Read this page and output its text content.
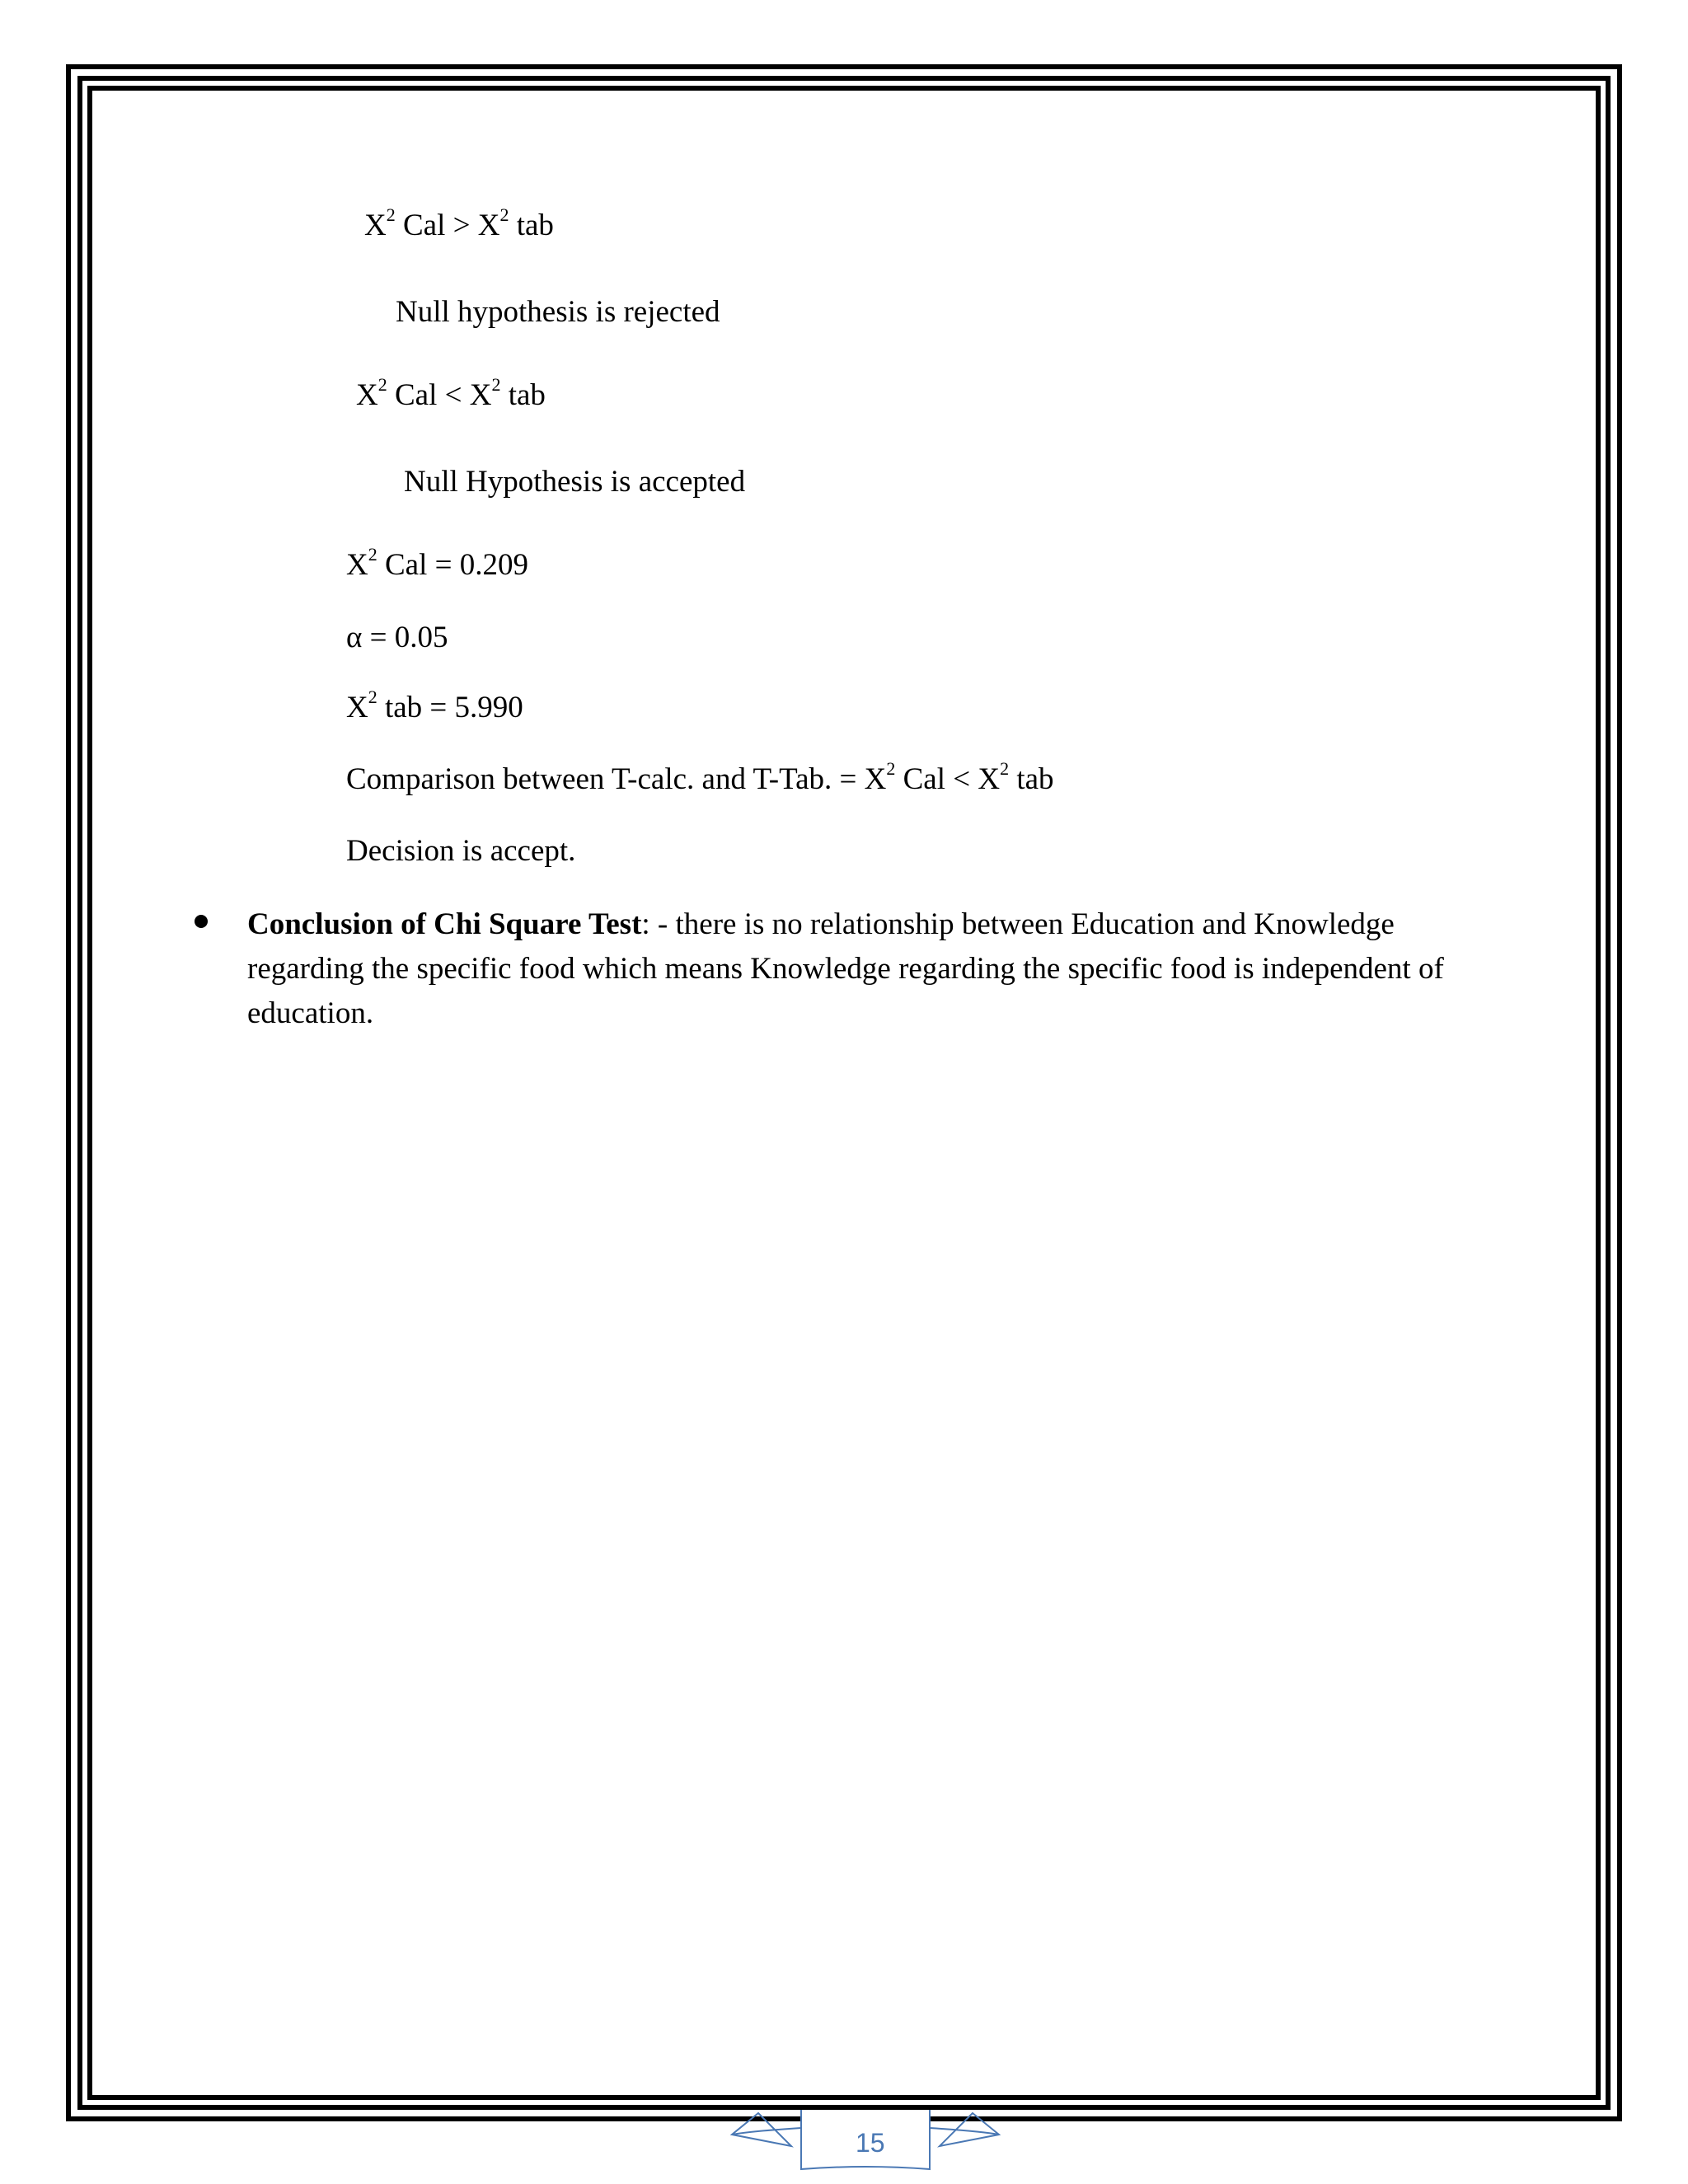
$X^2$ Cal > $X^2$ tab
Null hypothesis is rejected
$X^2$ Cal < $X^2$ tab
Null Hypothesis is accepted
$X^2$ Cal = 0.209
α = 0.05
$X^2$ tab = 5.990
Comparison between T-calc. and T-Tab. = $X^2$ Cal < $X^2$ tab
Decision is accept.
Conclusion of Chi Square Test: - there is no relationship between Education and Knowledge regarding the specific food which means Knowledge regarding the specific food is independent of education.
15
